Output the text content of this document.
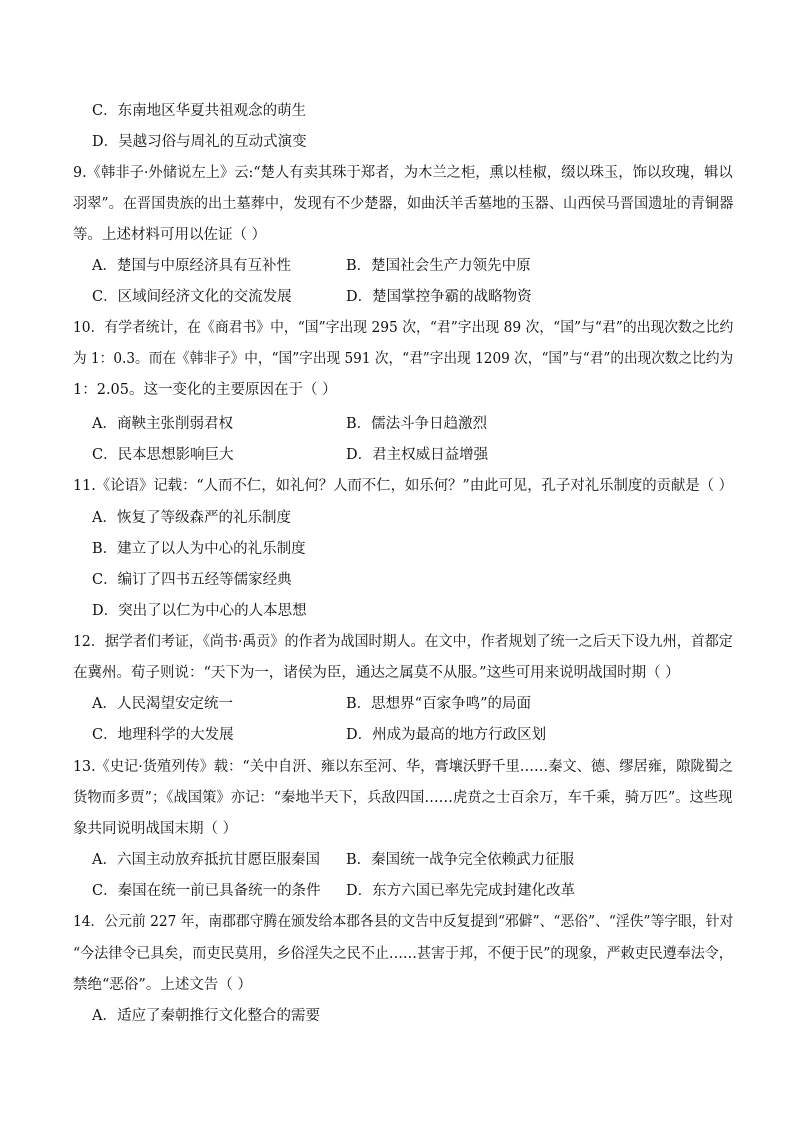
C．东南地区华夏共祖观念的萌生
D．吴越习俗与周礼的互动式演变
9.《韩非子·外储说左上》云:“楚人有卖其珠于郑者，为木兰之柜，熏以桂椒，缀以珠玉，饰以玫瑰，辑以
羽翠”。在晋国贵族的出土墓葬中，发现有不少楚器，如曲沃羊舌墓地的玉器、山西侯马晋国遗址的青铜器
等。上述材料可用以佐证（ ）
A．楚国与中原经济具有互补性	B．楚国社会生产力领先中原
C．区域间经济文化的交流发展	D．楚国掌控争霸的战略物资
10．有学者统计，在《商君书》中，“国”字出现 295 次，“君”字出现 89 次，“国”与“君”的出现次数之比约
为 1：0.3。而在《韩非子》中，“国”字出现 591 次，“君”字出现 1209 次，“国”与“君”的出现次数之比约为
1：2.05。这一变化的主要原因在于（ ）
A．商鞅主张削弱君权	B．儒法斗争日趋激烈
C．民本思想影响巨大	D．君主权威日益增强
11.《论语》记载：“人而不仁，如礼何？人而不仁，如乐何？”由此可见，孔子对礼乐制度的贡献是（ ）
A．恢复了等级森严的礼乐制度
B．建立了以人为中心的礼乐制度
C．编订了四书五经等儒家经典
D．突出了以仁为中心的人本思想
12．据学者们考证，《尚书·禹贡》的作者为战国时期人。在文中，作者规划了统一之后天下设九州，首都定
在冀州。荀子则说：“天下为一，诸侯为臣，通达之属莫不从服。”这些可用来说明战国时期（ ）
A．人民渴望安定统一	B．思想界“百家争鸣”的局面
C．地理科学的大发展	D．州成为最高的地方行政区划
13.《史记·货殖列传》载：“关中自汧、雍以东至河、华，膏壤沃野千里……秦文、德、缪居雍，隙陇蜀之
货物而多贾”；《战国策》亦记：“秦地半天下，兵敌四国……虎贲之士百余万，车千乘，骑万匹”。这些现
象共同说明战国末期（ ）
A．六国主动放弃抵抗甘愿臣服秦国 B．秦国统一战争完全依赖武力征服
C．秦国在统一前已具备统一的条件 D．东方六国已率先完成封建化改革
14．公元前 227 年，南郡郡守腾在颁发给本郡各县的文告中反复提到“邪僻”、“恶俗”、“淫佚”等字眼，针对
“今法律令已具矣，而吏民莫用，乡俗淫失之民不止……甚害于邦，不便于民”的现象，严敕吏民遵奉法令，
禁绝“恶俗”。上述文告（ ）
A．适应了秦朝推行文化整合的需要
